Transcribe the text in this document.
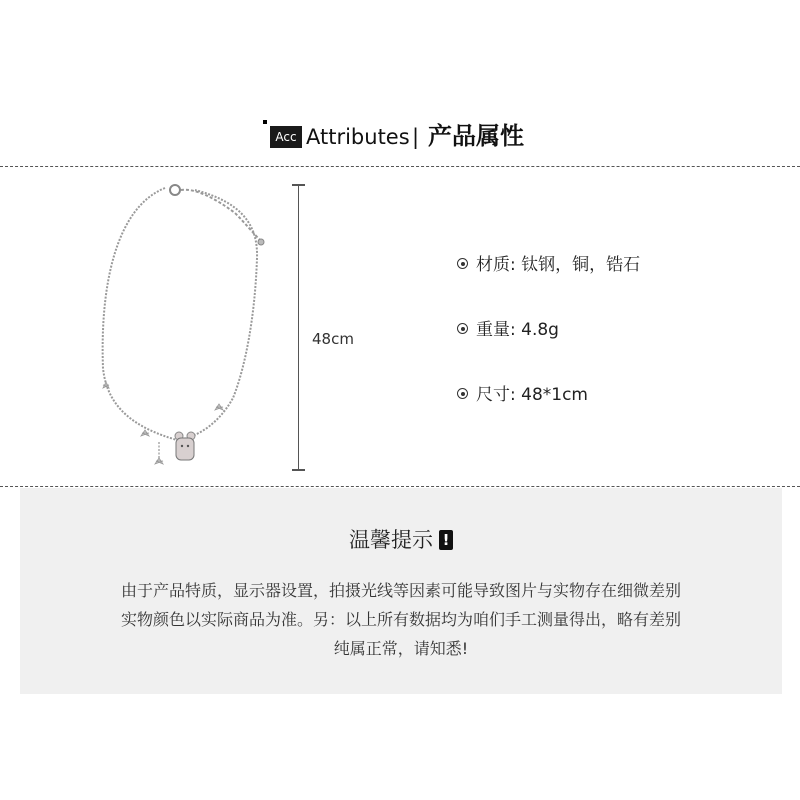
Acc Attributes | 产品属性
48cm
材质: 钛钢，铜，锆石
重量: 4.8g
尺寸: 48*1cm
温馨提示 !
由于产品特质，显示器设置，拍摄光线等因素可能导致图片与实物存在细微差别
实物颜色以实际商品为准。另：以上所有数据均为咱们手工测量得出，略有差别
纯属正常，请知悉!
